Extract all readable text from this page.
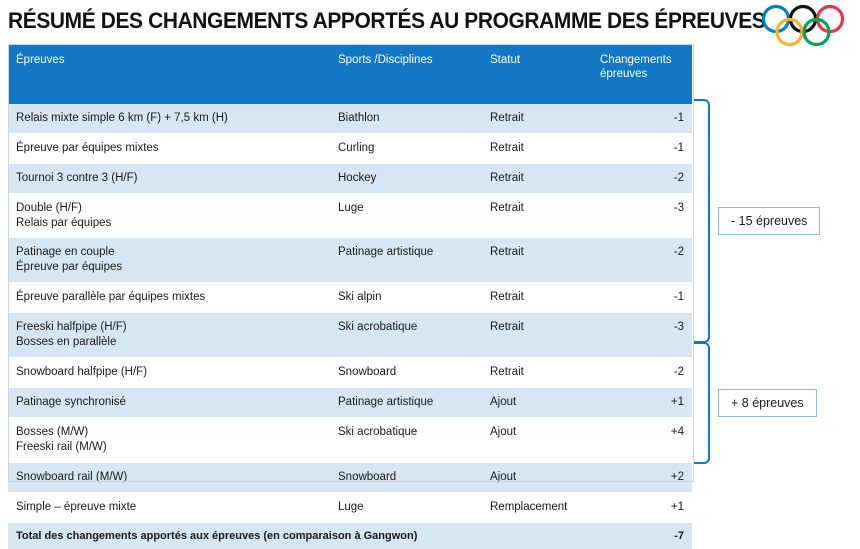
RÉSUMÉ DES CHANGEMENTS APPORTÉS AU PROGRAMME DES ÉPREUVES
Épreuves	Sports /Disciplines	Statut	Changements épreuves

Relais mixte simple 6 km (F) + 7,5 km (H)	Biathlon	Retrait	-1

Épreuve par équipes mixtes	Curling	Retrait	-1

Tournoi 3 contre 3 (H/F)	Hockey	Retrait	-2

Double (H/F)
Relais par équipes	Luge	Retrait	-3

Patinage en couple
Épreuve par équipes	Patinage artistique	Retrait	-2

Épreuve parallèle par équipes mixtes	Ski alpin	Retrait	-1

Freeski halfpipe (H/F)
Bosses en parallèle	Ski acrobatique	Retrait	-3

Snowboard halfpipe (H/F)	Snowboard	Retrait	-2

Patinage synchronisé	Patinage artistique	Ajout	+1

Bosses (M/W)
Freeski rail (M/W)	Ski acrobatique	Ajout	+4

Snowboard rail (M/W)	Snowboard	Ajout	+2

Simple – épreuve mixte	Luge	Remplacement	+1
Total des changements apportés aux épreuves (en comparaison à Gangwon)			-7
- 15 épreuves
+ 8 épreuves
